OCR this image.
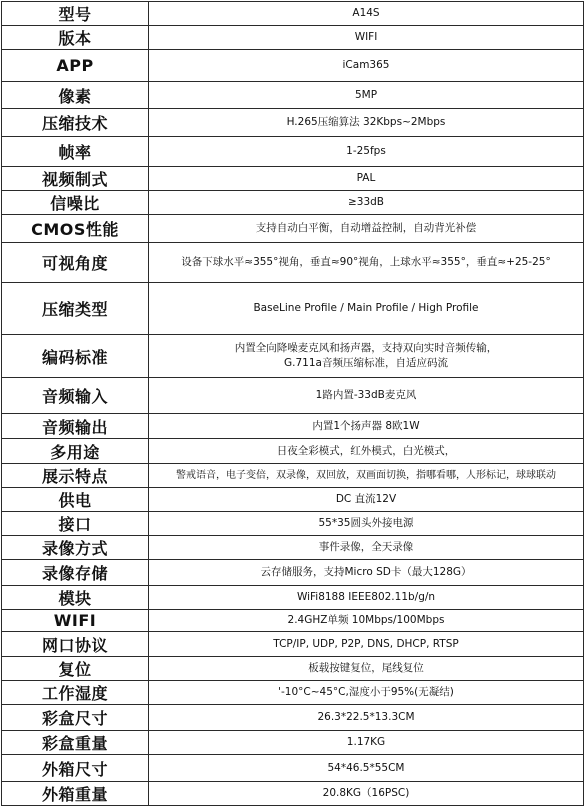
型号	A14S
版本	WIFI
APP	iCam365
像素	5MP
压缩技术	H.265压缩算法 32Kbps~2Mbps
帧率	1-25fps
视频制式	PAL
信噪比	≥33dB
CMOS性能	支持自动白平衡，自动增益控制，自动背光补偿
可视角度	设备下球水平≈355°视角，垂直≈90°视角，上球水平≈355°，垂直≈+25-25°
压缩类型	BaseLine Profile / Main Profile / High Profile
编码标准	内置全向降噪麦克风和扬声器，支持双向实时音频传输，
G.711a音频压缩标准，自适应码流
音频输入	1路内置-33dB麦克风
音频输出	内置1个扬声器 8欧1W
多用途	日夜全彩模式，红外模式，白光模式，
展示特点	警戒语音，电子变倍，双录像，双回放，双画面切换，指哪看哪，人形标记，球球联动
供电	DC 直流12V
接口	55*35圆头外接电源
录像方式	事件录像，全天录像
录像存储	云存储服务，支持Micro SD卡（最大128G）
模块	WiFi8188 IEEE802.11b/g/n
WIFI	2.4GHZ单频 10Mbps/100Mbps
网口协议	TCP/IP, UDP, P2P, DNS, DHCP, RTSP
复位	板载按键复位，尾线复位
工作湿度	'-10°C~45°C,湿度小于95%(无凝结)
彩盒尺寸	26.3*22.5*13.3CM
彩盒重量	1.17KG
外箱尺寸	54*46.5*55CM
外箱重量	20.8KG（16PSC)
